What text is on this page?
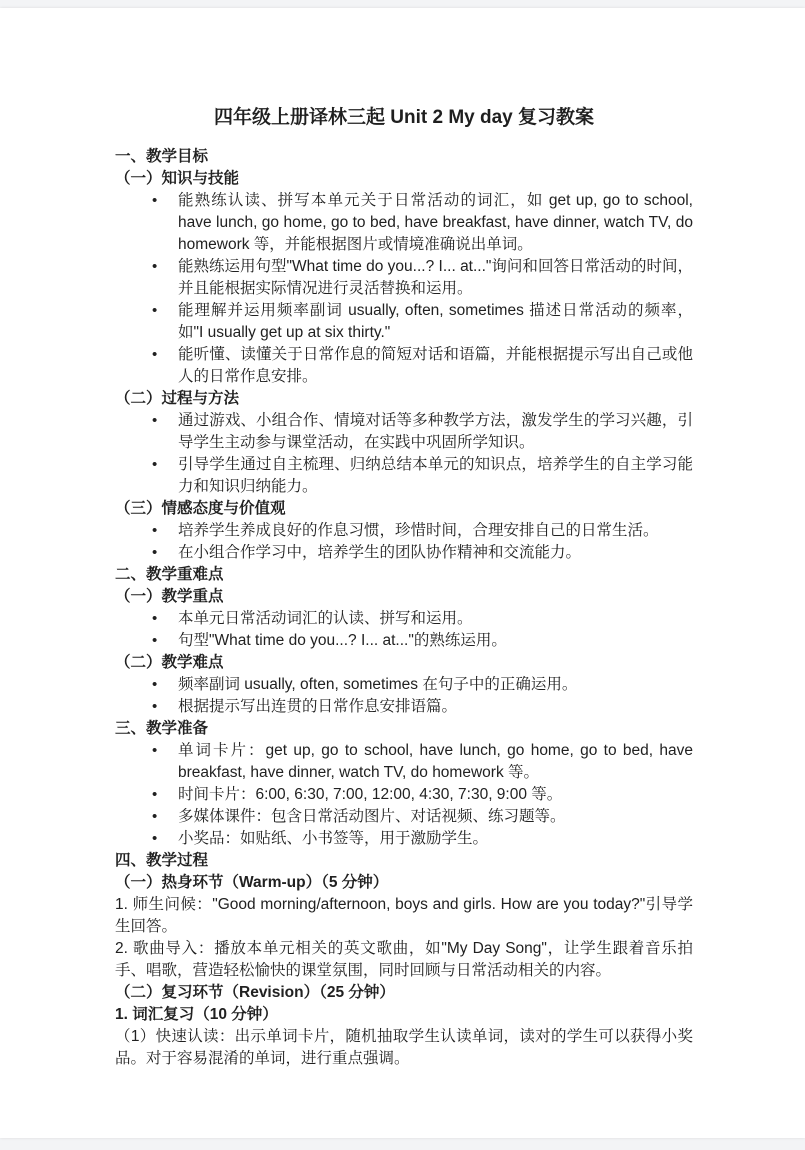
四年级上册译林三起 Unit 2 My day 复习教案
一、教学目标
（一）知识与技能
• 能熟练认读、拼写本单元关于日常活动的词汇，如 get up, go to school, have lunch, go home, go to bed, have breakfast, have dinner, watch TV, do homework 等，并能根据图片或情境准确说出单词。
• 能熟练运用句型"What time do you...? I... at..."询问和回答日常活动的时间，并且能根据实际情况进行灵活替换和运用。
• 能理解并运用频率副词 usually, often, sometimes 描述日常活动的频率，如"I usually get up at six thirty."
• 能听懂、读懂关于日常作息的简短对话和语篇，并能根据提示写出自己或他人的日常作息安排。
（二）过程与方法
• 通过游戏、小组合作、情境对话等多种教学方法，激发学生的学习兴趣，引导学生主动参与课堂活动，在实践中巩固所学知识。
• 引导学生通过自主梳理、归纳总结本单元的知识点，培养学生的自主学习能力和知识归纳能力。
（三）情感态度与价值观
• 培养学生养成良好的作息习惯，珍惜时间，合理安排自己的日常生活。
• 在小组合作学习中，培养学生的团队协作精神和交流能力。
二、教学重难点
（一）教学重点
• 本单元日常活动词汇的认读、拼写和运用。
• 句型"What time do you...? I... at..."的熟练运用。
（二）教学难点
• 频率副词 usually, often, sometimes 在句子中的正确运用。
• 根据提示写出连贯的日常作息安排语篇。
三、教学准备
• 单词卡片：get up, go to school, have lunch, go home, go to bed, have breakfast, have dinner, watch TV, do homework 等。
• 时间卡片：6:00, 6:30, 7:00, 12:00, 4:30, 7:30, 9:00 等。
• 多媒体课件：包含日常活动图片、对话视频、练习题等。
• 小奖品：如贴纸、小书签等，用于激励学生。
四、教学过程
（一）热身环节（Warm-up）（5 分钟）
1. 师生问候："Good morning/afternoon, boys and girls. How are you today?"引导学生回答。
2. 歌曲导入：播放本单元相关的英文歌曲，如"My Day Song"，让学生跟着音乐拍手、唱歌，营造轻松愉快的课堂氛围，同时回顾与日常活动相关的内容。
（二）复习环节（Revision）（25 分钟）
1. 词汇复习（10 分钟）
（1）快速认读：出示单词卡片，随机抽取学生认读单词，读对的学生可以获得小奖品。对于容易混淆的单词，进行重点强调。
